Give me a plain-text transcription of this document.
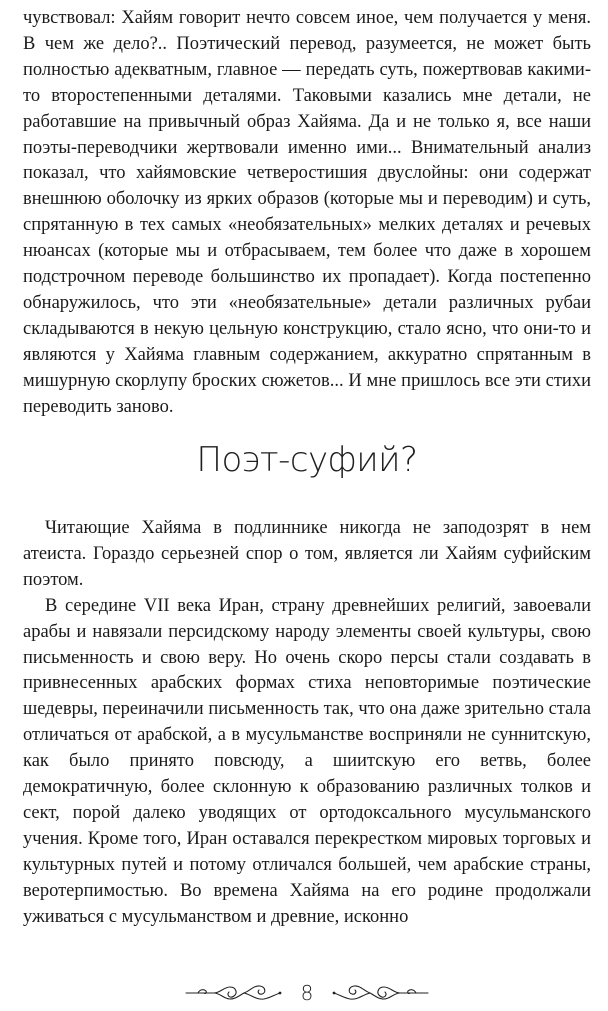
чувствовал: Хайям говорит нечто совсем иное, чем получается у меня. В чем же дело?.. Поэтический перевод, разумеется, не может быть полностью адекватным, главное — передать суть, пожертвовав какими-то второстепенными деталями. Таковыми казались мне детали, не работавшие на привычный образ Хайяма. Да и не только я, все наши поэты-переводчики жертвовали именно ими... Внимательный анализ показал, что хайямовские четверостишия двуслойны: они содержат внешнюю оболочку из ярких образов (которые мы и переводим) и суть, спрятанную в тех самых «необязательных» мелких деталях и речевых нюансах (которые мы и отбрасываем, тем более что даже в хорошем подстрочном переводе большинство их пропадает). Когда постепенно обнаружилось, что эти «необязательные» детали различных рубаи складываются в некую цельную конструкцию, стало ясно, что они-то и являются у Хайяма главным содержанием, аккуратно спрятанным в мишурную скорлупу броских сюжетов... И мне пришлось все эти стихи переводить заново.

Поэт-суфий?

Читающие Хайяма в подлиннике никогда не заподозрят в нем атеиста. Гораздо серьезней спор о том, является ли Хайям суфийским поэтом.

В середине VII века Иран, страну древнейших религий, завоевали арабы и навязали персидскому народу элементы своей культуры, свою письменность и свою веру. Но очень скоро персы стали создавать в привнесенных арабских формах стиха неповторимые поэтические шедевры, переиначили письменность так, что она даже зрительно стала отличаться от арабской, а в мусульманстве восприняли не суннитскую, как было принято повсюду, а шиитскую его ветвь, более демократичную, более склонную к образованию различных толков и сект, порой далеко уводящих от ортодоксального мусульманского учения. Кроме того, Иран оставался перекрестком мировых торговых и культурных путей и потому отличался большей, чем арабские страны, веротерпимостью. Во времена Хайяма на его родине продолжали уживаться с мусульманством и древние, исконно

8
